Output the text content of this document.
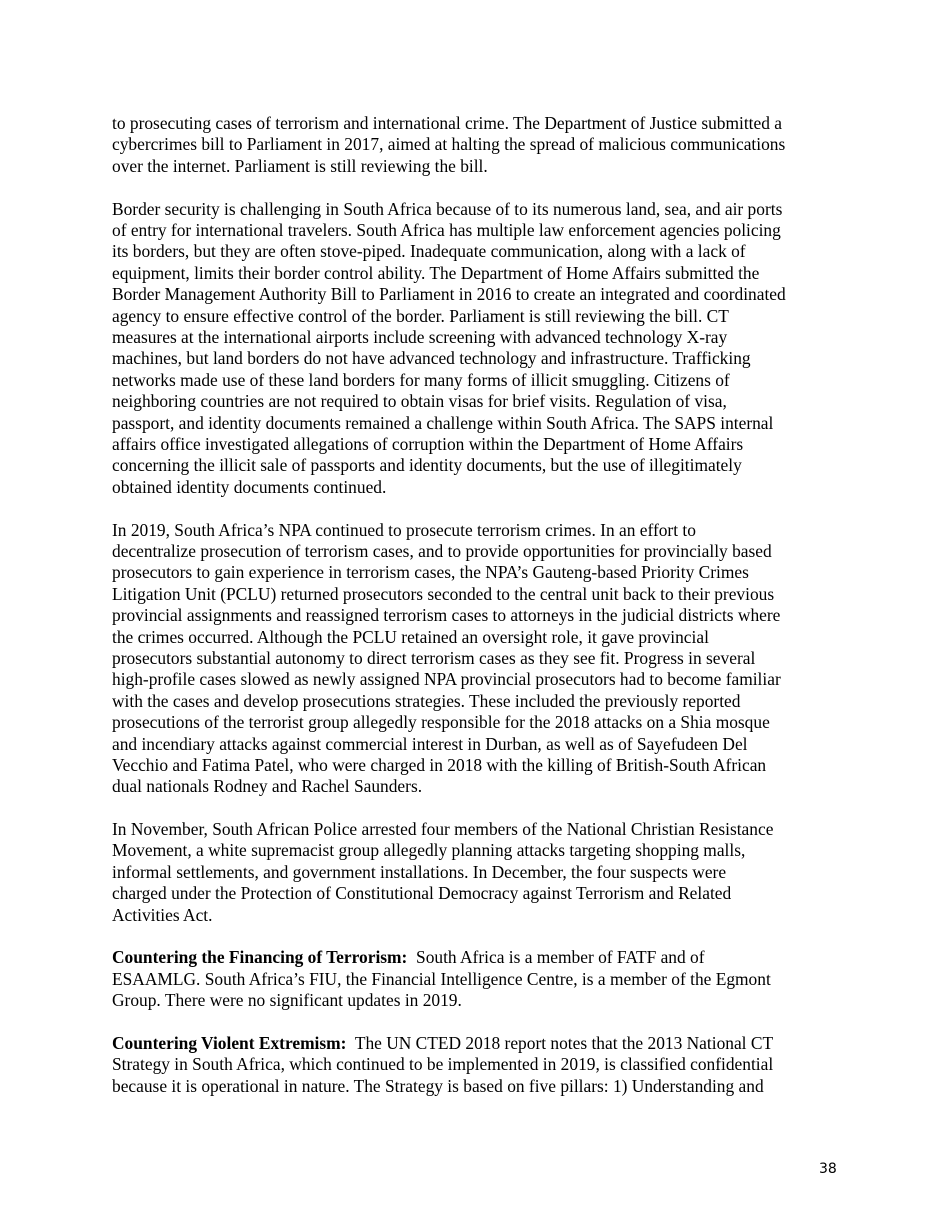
to prosecuting cases of terrorism and international crime. The Department of Justice submitted a
cybercrimes bill to Parliament in 2017, aimed at halting the spread of malicious communications
over the internet. Parliament is still reviewing the bill.

Border security is challenging in South Africa because of to its numerous land, sea, and air ports
of entry for international travelers. South Africa has multiple law enforcement agencies policing
its borders, but they are often stove-piped. Inadequate communication, along with a lack of
equipment, limits their border control ability. The Department of Home Affairs submitted the
Border Management Authority Bill to Parliament in 2016 to create an integrated and coordinated
agency to ensure effective control of the border. Parliament is still reviewing the bill. CT
measures at the international airports include screening with advanced technology X-ray
machines, but land borders do not have advanced technology and infrastructure. Trafficking
networks made use of these land borders for many forms of illicit smuggling. Citizens of
neighboring countries are not required to obtain visas for brief visits. Regulation of visa,
passport, and identity documents remained a challenge within South Africa. The SAPS internal
affairs office investigated allegations of corruption within the Department of Home Affairs
concerning the illicit sale of passports and identity documents, but the use of illegitimately
obtained identity documents continued.

In 2019, South Africa’s NPA continued to prosecute terrorism crimes. In an effort to
decentralize prosecution of terrorism cases, and to provide opportunities for provincially based
prosecutors to gain experience in terrorism cases, the NPA’s Gauteng-based Priority Crimes
Litigation Unit (PCLU) returned prosecutors seconded to the central unit back to their previous
provincial assignments and reassigned terrorism cases to attorneys in the judicial districts where
the crimes occurred. Although the PCLU retained an oversight role, it gave provincial
prosecutors substantial autonomy to direct terrorism cases as they see fit. Progress in several
high-profile cases slowed as newly assigned NPA provincial prosecutors had to become familiar
with the cases and develop prosecutions strategies. These included the previously reported
prosecutions of the terrorist group allegedly responsible for the 2018 attacks on a Shia mosque
and incendiary attacks against commercial interest in Durban, as well as of Sayefudeen Del
Vecchio and Fatima Patel, who were charged in 2018 with the killing of British-South African
dual nationals Rodney and Rachel Saunders.

In November, South African Police arrested four members of the National Christian Resistance
Movement, a white supremacist group allegedly planning attacks targeting shopping malls,
informal settlements, and government installations. In December, the four suspects were
charged under the Protection of Constitutional Democracy against Terrorism and Related
Activities Act.

Countering the Financing of Terrorism:  South Africa is a member of FATF and of
ESAAMLG. South Africa’s FIU, the Financial Intelligence Centre, is a member of the Egmont
Group. There were no significant updates in 2019.

Countering Violent Extremism:  The UN CTED 2018 report notes that the 2013 National CT
Strategy in South Africa, which continued to be implemented in 2019, is classified confidential
because it is operational in nature. The Strategy is based on five pillars: 1) Understanding and

38
